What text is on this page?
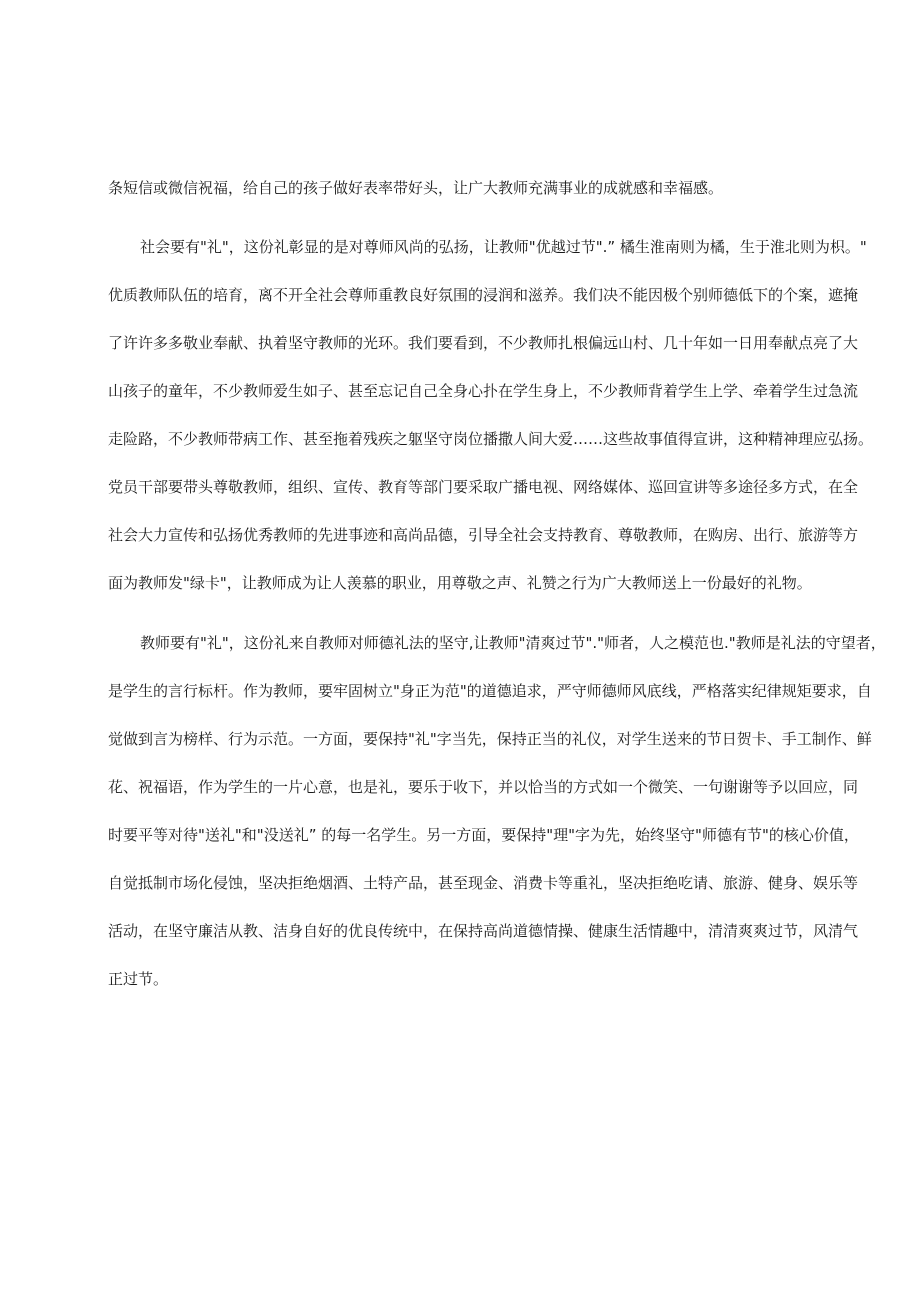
条短信或微信祝福，给自己的孩子做好表率带好头，让广大教师充满事业的成就感和幸福感。
社会要有"礼"，这份礼彰显的是对尊师风尚的弘扬，让教师"优越过节".” 橘生淮南则为橘，生于淮北则为枳。"
优质教师队伍的培育，离不开全社会尊师重教良好氛围的浸润和滋养。我们决不能因极个别师德低下的个案，遮掩
了许许多多敬业奉献、执着坚守教师的光环。我们要看到，不少教师扎根偏远山村、几十年如一日用奉献点亮了大
山孩子的童年，不少教师爱生如子、甚至忘记自己全身心扑在学生身上，不少教师背着学生上学、牵着学生过急流
走险路，不少教师带病工作、甚至拖着残疾之躯坚守岗位播撒人间大爱……这些故事值得宣讲，这种精神理应弘扬。
党员干部要带头尊敬教师，组织、宣传、教育等部门要采取广播电视、网络媒体、巡回宣讲等多途径多方式，在全
社会大力宣传和弘扬优秀教师的先进事迹和高尚品德，引导全社会支持教育、尊敬教师，在购房、出行、旅游等方
面为教师发"绿卡"，让教师成为让人羡慕的职业，用尊敬之声、礼赞之行为广大教师送上一份最好的礼物。
教师要有"礼"，这份礼来自教师对师德礼法的坚守,让教师"清爽过节"."师者，人之模范也."教师是礼法的守望者，
是学生的言行标杆。作为教师，要牢固树立"身正为范"的道德追求，严守师德师风底线，严格落实纪律规矩要求，自
觉做到言为榜样、行为示范。一方面，要保持"礼"字当先，保持正当的礼仪，对学生送来的节日贺卡、手工制作、鲜
花、祝福语，作为学生的一片心意，也是礼，要乐于收下，并以恰当的方式如一个微笑、一句谢谢等予以回应，同
时要平等对待"送礼"和"没送礼” 的每一名学生。另一方面，要保持"理"字为先，始终坚守"师德有节"的核心价值，
自觉抵制市场化侵蚀，坚决拒绝烟酒、土特产品，甚至现金、消费卡等重礼，坚决拒绝吃请、旅游、健身、娱乐等
活动，在坚守廉洁从教、洁身自好的优良传统中，在保持高尚道德情操、健康生活情趣中，清清爽爽过节，风清气
正过节。
